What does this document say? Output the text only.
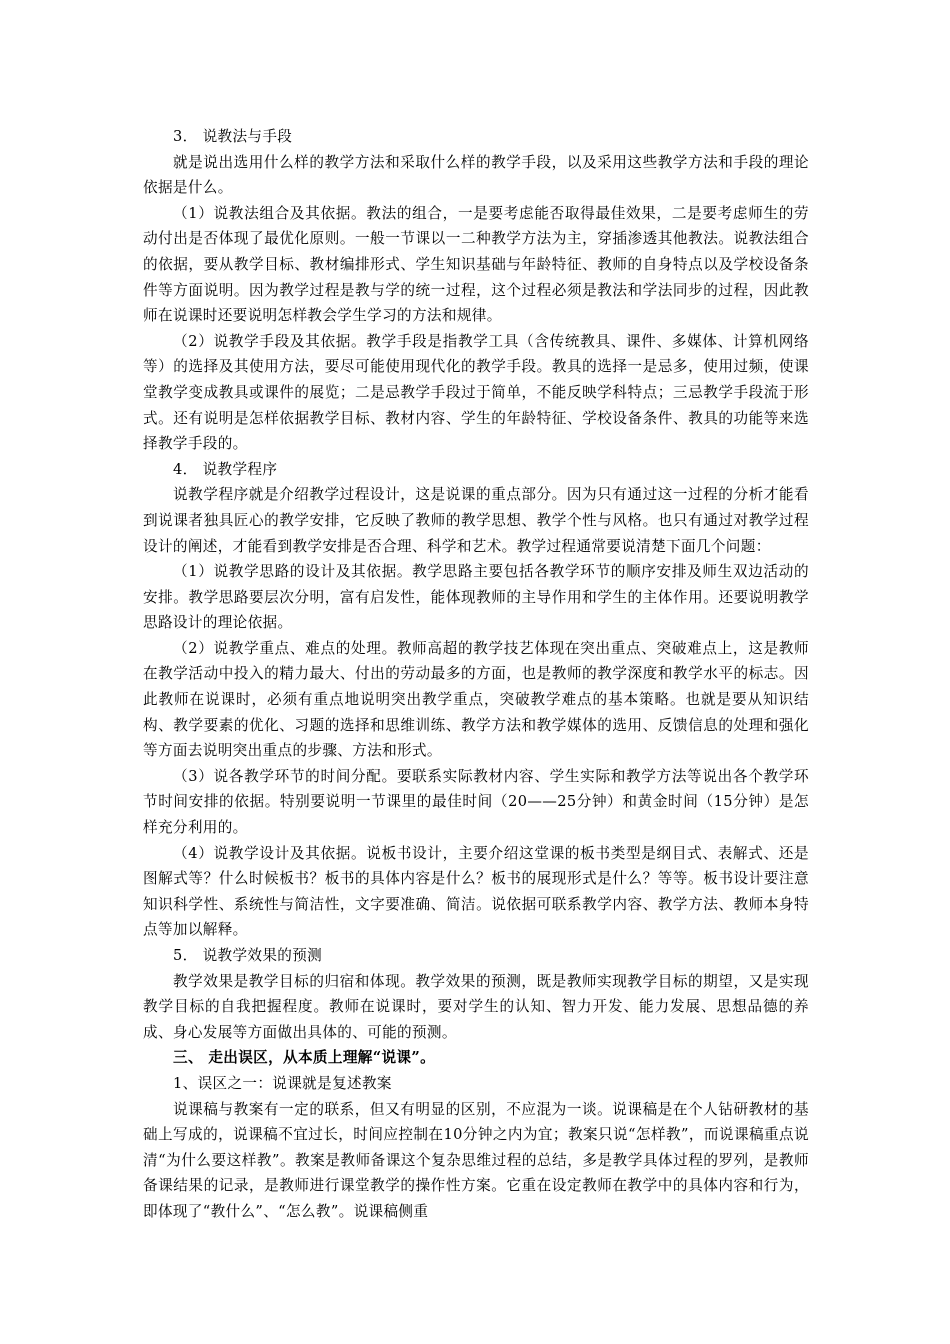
3． 说教法与手段

就是说出选用什么样的教学方法和采取什么样的教学手段，以及采用这些教学方法和手段的理论依据是什么。

（1）说教法组合及其依据。教法的组合，一是要考虑能否取得最佳效果，二是要考虑师生的劳动付出是否体现了最优化原则。一般一节课以一二种教学方法为主，穿插渗透其他教法。说教法组合的依据，要从教学目标、教材编排形式、学生知识基础与年龄特征、教师的自身特点以及学校设备条件等方面说明。因为教学过程是教与学的统一过程，这个过程必须是教法和学法同步的过程，因此教师在说课时还要说明怎样教会学生学习的方法和规律。

（2）说教学手段及其依据。教学手段是指教学工具（含传统教具、课件、多媒体、计算机网络等）的选择及其使用方法，要尽可能使用现代化的教学手段。教具的选择一是忌多，使用过频，使课堂教学变成教具或课件的展览；二是忌教学手段过于简单，不能反映学科特点；三忌教学手段流于形式。还有说明是怎样依据教学目标、教材内容、学生的年龄特征、学校设备条件、教具的功能等来选择教学手段的。

4． 说教学程序

说教学程序就是介绍教学过程设计，这是说课的重点部分。因为只有通过这一过程的分析才能看到说课者独具匠心的教学安排，它反映了教师的教学思想、教学个性与风格。也只有通过对教学过程设计的阐述，才能看到教学安排是否合理、科学和艺术。教学过程通常要说清楚下面几个问题：

（1）说教学思路的设计及其依据。教学思路主要包括各教学环节的顺序安排及师生双边活动的安排。教学思路要层次分明，富有启发性，能体现教师的主导作用和学生的主体作用。还要说明教学思路设计的理论依据。

（2）说教学重点、难点的处理。教师高超的教学技艺体现在突出重点、突破难点上，这是教师在教学活动中投入的精力最大、付出的劳动最多的方面，也是教师的教学深度和教学水平的标志。因此教师在说课时，必须有重点地说明突出教学重点，突破教学难点的基本策略。也就是要从知识结构、教学要素的优化、习题的选择和思维训练、教学方法和教学媒体的选用、反馈信息的处理和强化等方面去说明突出重点的步骤、方法和形式。

（3）说各教学环节的时间分配。要联系实际教材内容、学生实际和教学方法等说出各个教学环节时间安排的依据。特别要说明一节课里的最佳时间（20——25分钟）和黄金时间（15分钟）是怎样充分利用的。

（4）说教学设计及其依据。说板书设计，主要介绍这堂课的板书类型是纲目式、表解式、还是图解式等？什么时候板书？板书的具体内容是什么？板书的展现形式是什么？等等。板书设计要注意知识科学性、系统性与简洁性，文字要准确、简洁。说依据可联系教学内容、教学方法、教师本身特点等加以解释。

5． 说教学效果的预测

教学效果是教学目标的归宿和体现。教学效果的预测，既是教师实现教学目标的期望，又是实现教学目标的自我把握程度。教师在说课时，要对学生的认知、智力开发、能力发展、思想品德的养成、身心发展等方面做出具体的、可能的预测。

三、 走出误区，从本质上理解“说课”。

1、误区之一：说课就是复述教案

说课稿与教案有一定的联系，但又有明显的区别，不应混为一谈。说课稿是在个人钻研教材的基础上写成的，说课稿不宜过长，时间应控制在10分钟之内为宜；教案只说“怎样教”，而说课稿重点说清“为什么要这样教”。教案是教师备课这个复杂思维过程的总结，多是教学具体过程的罗列，是教师备课结果的记录，是教师进行课堂教学的操作性方案。它重在设定教师在教学中的具体内容和行为，即体现了“教什么”、“怎么教”。说课稿侧重
